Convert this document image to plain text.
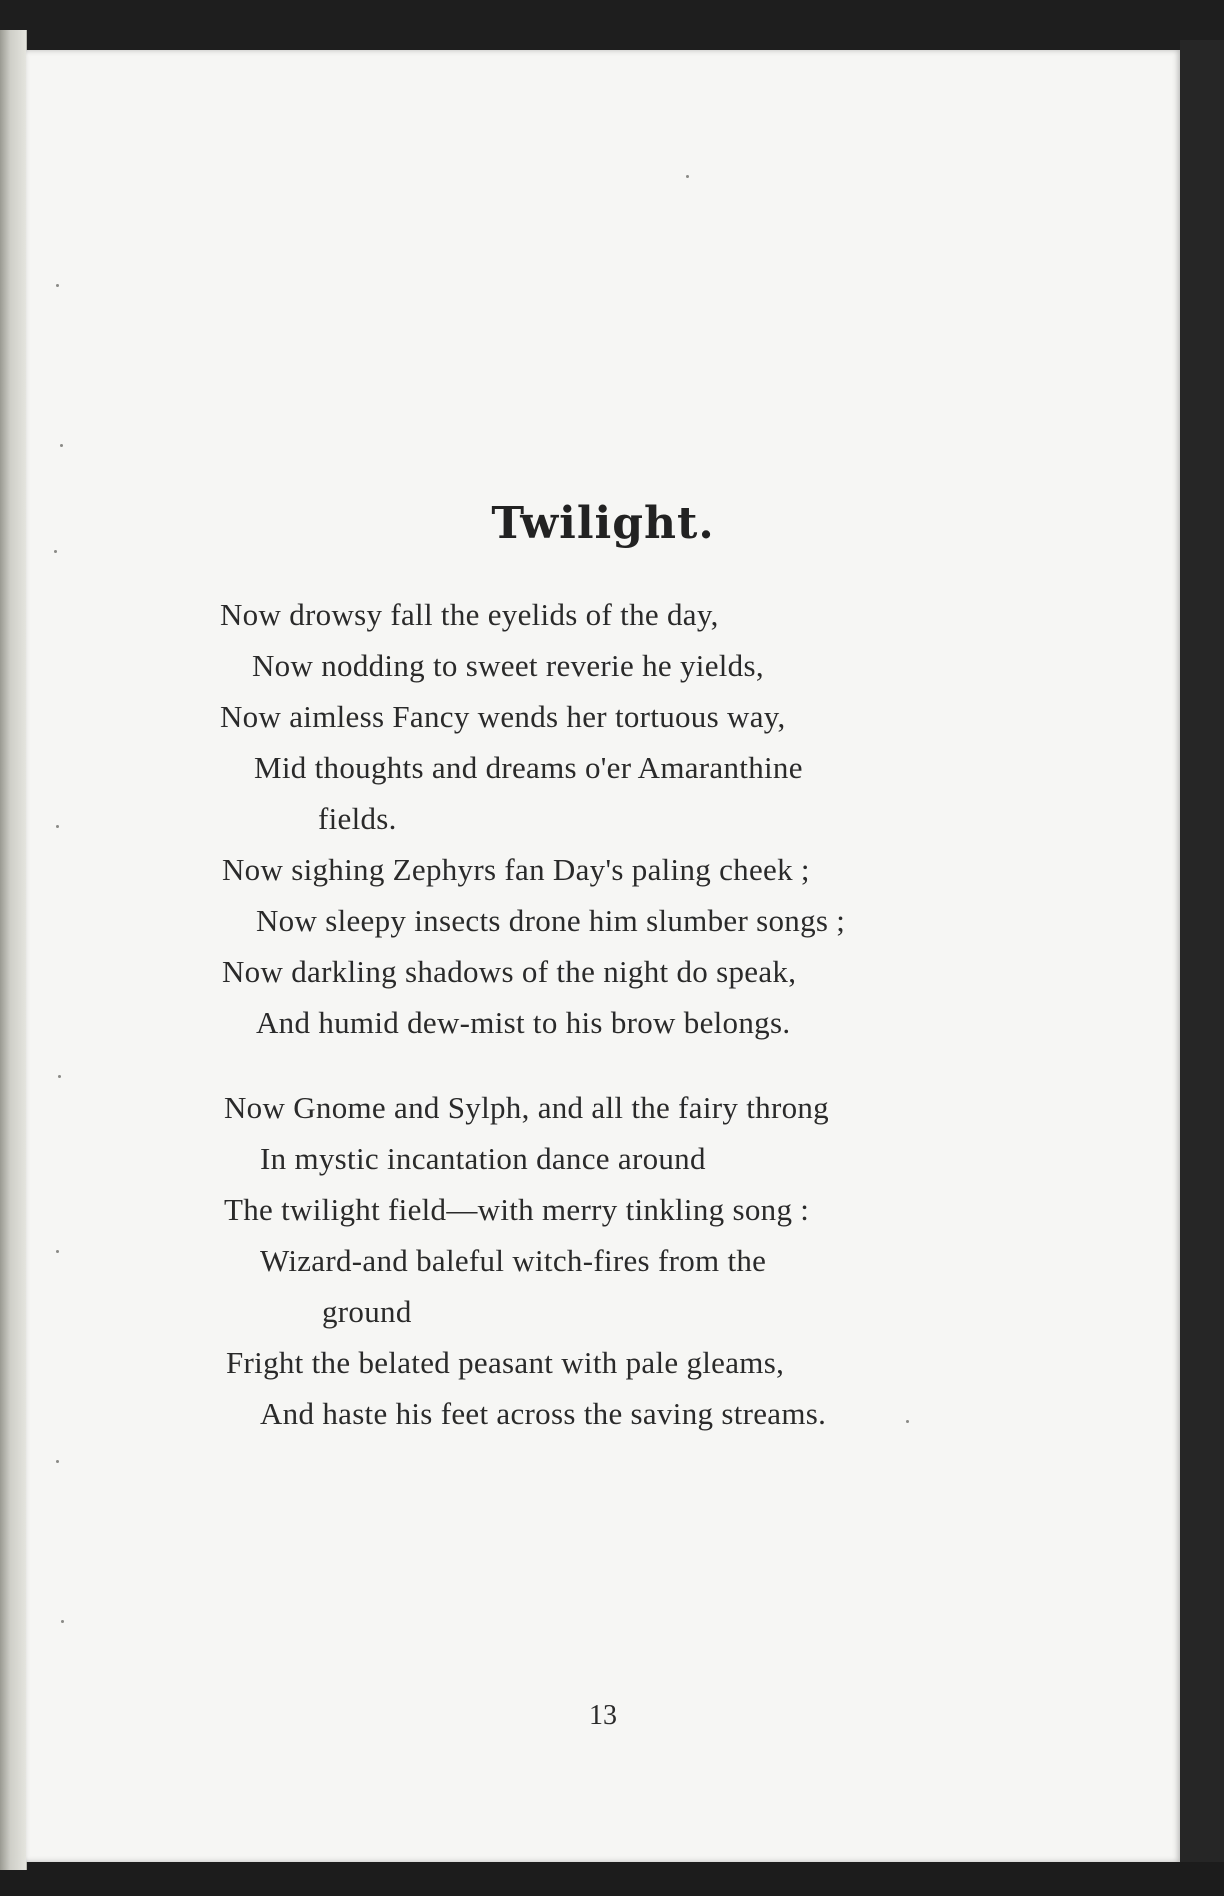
Twilight.
Now drowsy fall the eyelids of the day,
Now nodding to sweet reverie he yields,
Now aimless Fancy wends her tortuous way,
Mid thoughts and dreams o'er Amaranthine
fields.
Now sighing Zephyrs fan Day's paling cheek ;
Now sleepy insects drone him slumber songs ;
Now darkling shadows of the night do speak,
And humid dew-mist to his brow belongs.
Now Gnome and Sylph, and all the fairy throng
In mystic incantation dance around
The twilight field—with merry tinkling song :
Wizard-and baleful witch-fires from the
ground
Fright the belated peasant with pale gleams,
And haste his feet across the saving streams.
13
